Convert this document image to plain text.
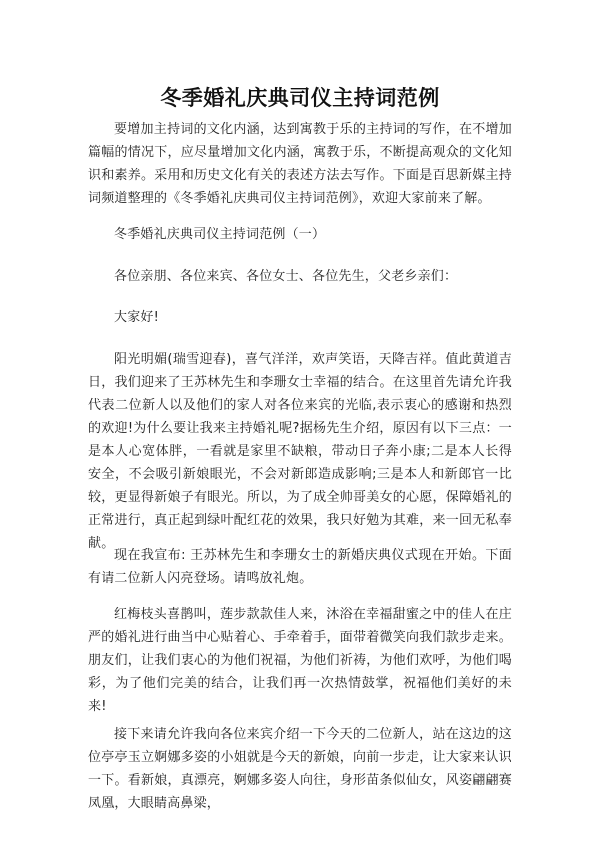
冬季婚礼庆典司仪主持词范例

要增加主持词的文化内涵，达到寓教于乐的主持词的写作，在不增加篇幅的情况下，应尽量增加文化内涵，寓教于乐，不断提高观众的文化知识和素养。采用和历史文化有关的表述方法去写作。下面是百思新媒主持词频道整理的《冬季婚礼庆典司仪主持词范例》，欢迎大家前来了解。

冬季婚礼庆典司仪主持词范例（一）

各位亲朋、各位来宾、各位女士、各位先生，父老乡亲们：

大家好!

阳光明媚(瑞雪迎春)，喜气洋洋，欢声笑语，天降吉祥。值此黄道吉日，我们迎来了王苏林先生和李珊女士幸福的结合。在这里首先请允许我代表二位新人以及他们的家人对各位来宾的光临,表示衷心的感谢和热烈的欢迎!为什么要让我来主持婚礼呢?据杨先生介绍，原因有以下三点：一是本人心宽体胖，一看就是家里不缺粮，带动日子奔小康;二是本人长得安全，不会吸引新娘眼光，不会对新郎造成影响;三是本人和新郎官一比较，更显得新娘子有眼光。所以，为了成全帅哥美女的心愿，保障婚礼的正常进行，真正起到绿叶配红花的效果，我只好勉为其难，来一回无私奉献。

现在我宣布: 王苏林先生和李珊女士的新婚庆典仪式现在开始。下面有请二位新人闪亮登场。请鸣放礼炮。

红梅枝头喜鹊叫，莲步款款佳人来，沐浴在幸福甜蜜之中的佳人在庄严的婚礼进行曲当中心贴着心、手牵着手，面带着微笑向我们款步走来。朋友们，让我们衷心的为他们祝福，为他们祈祷，为他们欢呼，为他们喝彩，为了他们完美的结合，让我们再一次热情鼓掌，祝福他们美好的未来!

接下来请允许我向各位来宾介绍一下今天的二位新人，站在这边的这位亭亭玉立婀娜多姿的小姐就是今天的新娘，向前一步走，让大家来认识一下。看新娘，真漂亮，婀娜多姿人向往，身形苗条似仙女，风姿翩翩赛凤凰，大眼睛高鼻梁，
